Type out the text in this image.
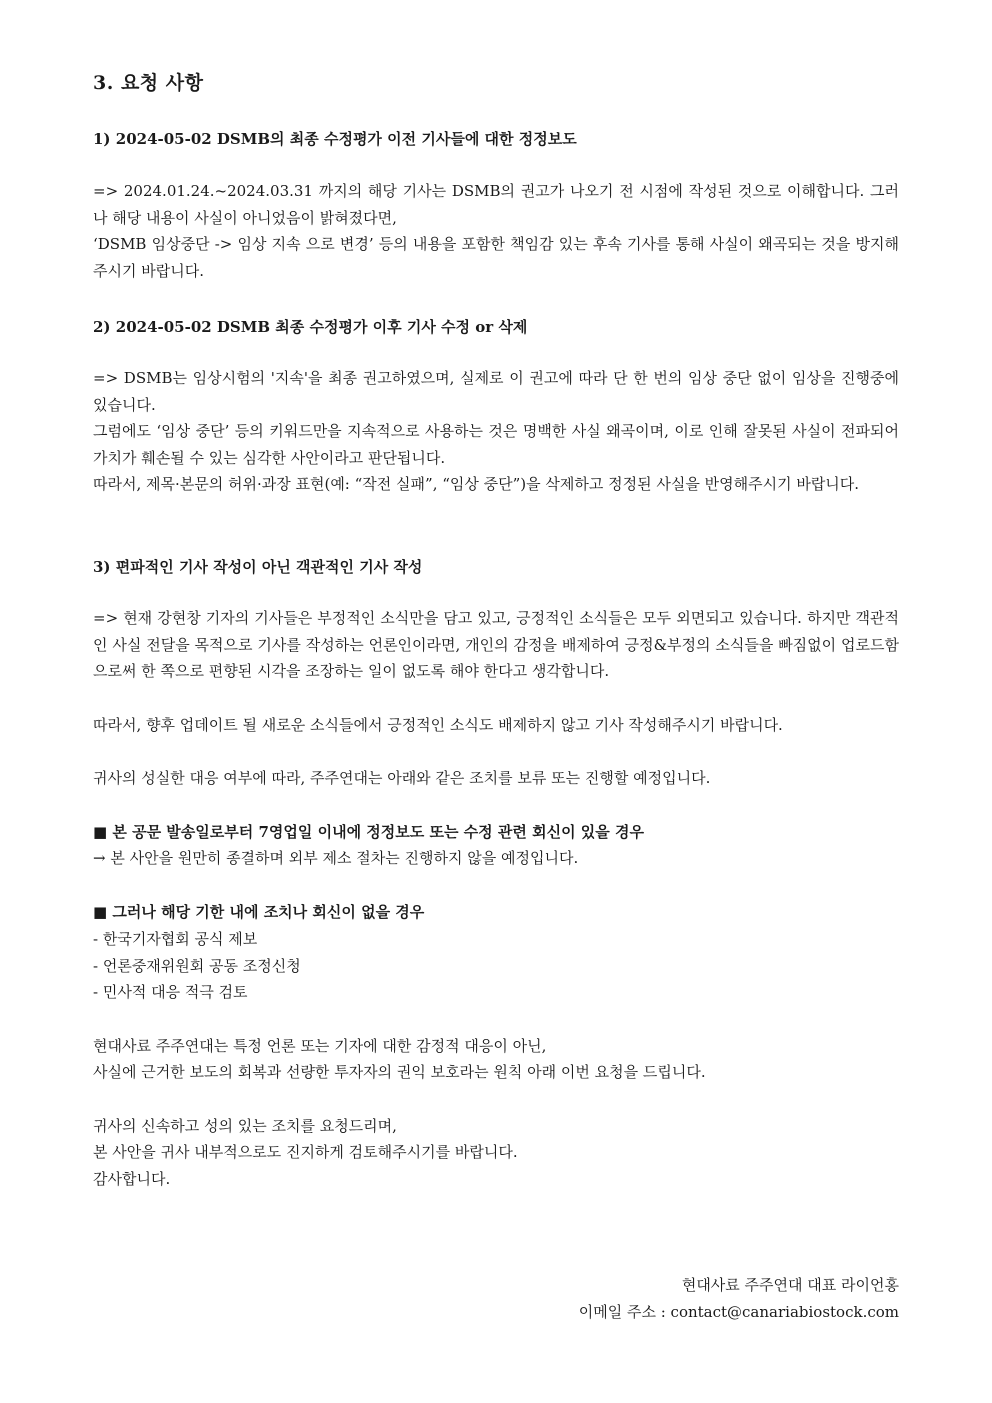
3. 요청 사항
1) 2024-05-02 DSMB의 최종 수정평가 이전 기사들에 대한 정정보도
=> 2024.01.24.~2024.03.31 까지의 해당 기사는 DSMB의 권고가 나오기 전 시점에 작성된 것으로 이해합니다. 그러나 해당 내용이 사실이 아니었음이 밝혀졌다면,
‘DSMB 임상중단 -> 임상 지속 으로 변경’ 등의 내용을 포함한 책임감 있는 후속 기사를 통해 사실이 왜곡되는 것을 방지해주시기 바랍니다.
2) 2024-05-02 DSMB 최종 수정평가 이후 기사 수정 or 삭제
=> DSMB는 임상시험의 '지속'을 최종 권고하였으며, 실제로 이 권고에 따라 단 한 번의 임상 중단 없이 임상을 진행중에 있습니다.
그럼에도 ‘임상 중단’ 등의 키워드만을 지속적으로 사용하는 것은 명백한 사실 왜곡이며, 이로 인해 잘못된 사실이 전파되어 가치가 훼손될 수 있는 심각한 사안이라고 판단됩니다.
따라서, 제목·본문의 허위·과장 표현(예: “작전 실패”, “임상 중단”)을 삭제하고 정정된 사실을 반영해주시기 바랍니다.
3) 편파적인 기사 작성이 아닌 객관적인 기사 작성
=> 현재 강현창 기자의 기사들은 부정적인 소식만을 담고 있고, 긍정적인 소식들은 모두 외면되고 있습니다. 하지만 객관적인 사실 전달을 목적으로 기사를 작성하는 언론인이라면, 개인의 감정을 배제하여 긍정&부정의 소식들을 빠짐없이 업로드함으로써 한 쪽으로 편향된 시각을 조장하는 일이 없도록 해야 한다고 생각합니다.
따라서, 향후 업데이트 될 새로운 소식들에서 긍정적인 소식도 배제하지 않고 기사 작성해주시기 바랍니다.
귀사의 성실한 대응 여부에 따라, 주주연대는 아래와 같은 조치를 보류 또는 진행할 예정입니다.
■ 본 공문 발송일로부터 7영업일 이내에 정정보도 또는 수정 관련 회신이 있을 경우
→ 본 사안을 원만히 종결하며 외부 제소 절차는 진행하지 않을 예정입니다.
■ 그러나 해당 기한 내에 조치나 회신이 없을 경우
- 한국기자협회 공식 제보
- 언론중재위원회 공동 조정신청
- 민사적 대응 적극 검토
현대사료 주주연대는 특정 언론 또는 기자에 대한 감정적 대응이 아닌,
사실에 근거한 보도의 회복과 선량한 투자자의 권익 보호라는 원칙 아래 이번 요청을 드립니다.
귀사의 신속하고 성의 있는 조치를 요청드리며,
본 사안을 귀사 내부적으로도 진지하게 검토해주시기를 바랍니다.
감사합니다.
현대사료 주주연대 대표 라이언홍
이메일 주소 : contact@canariabiostock.com
